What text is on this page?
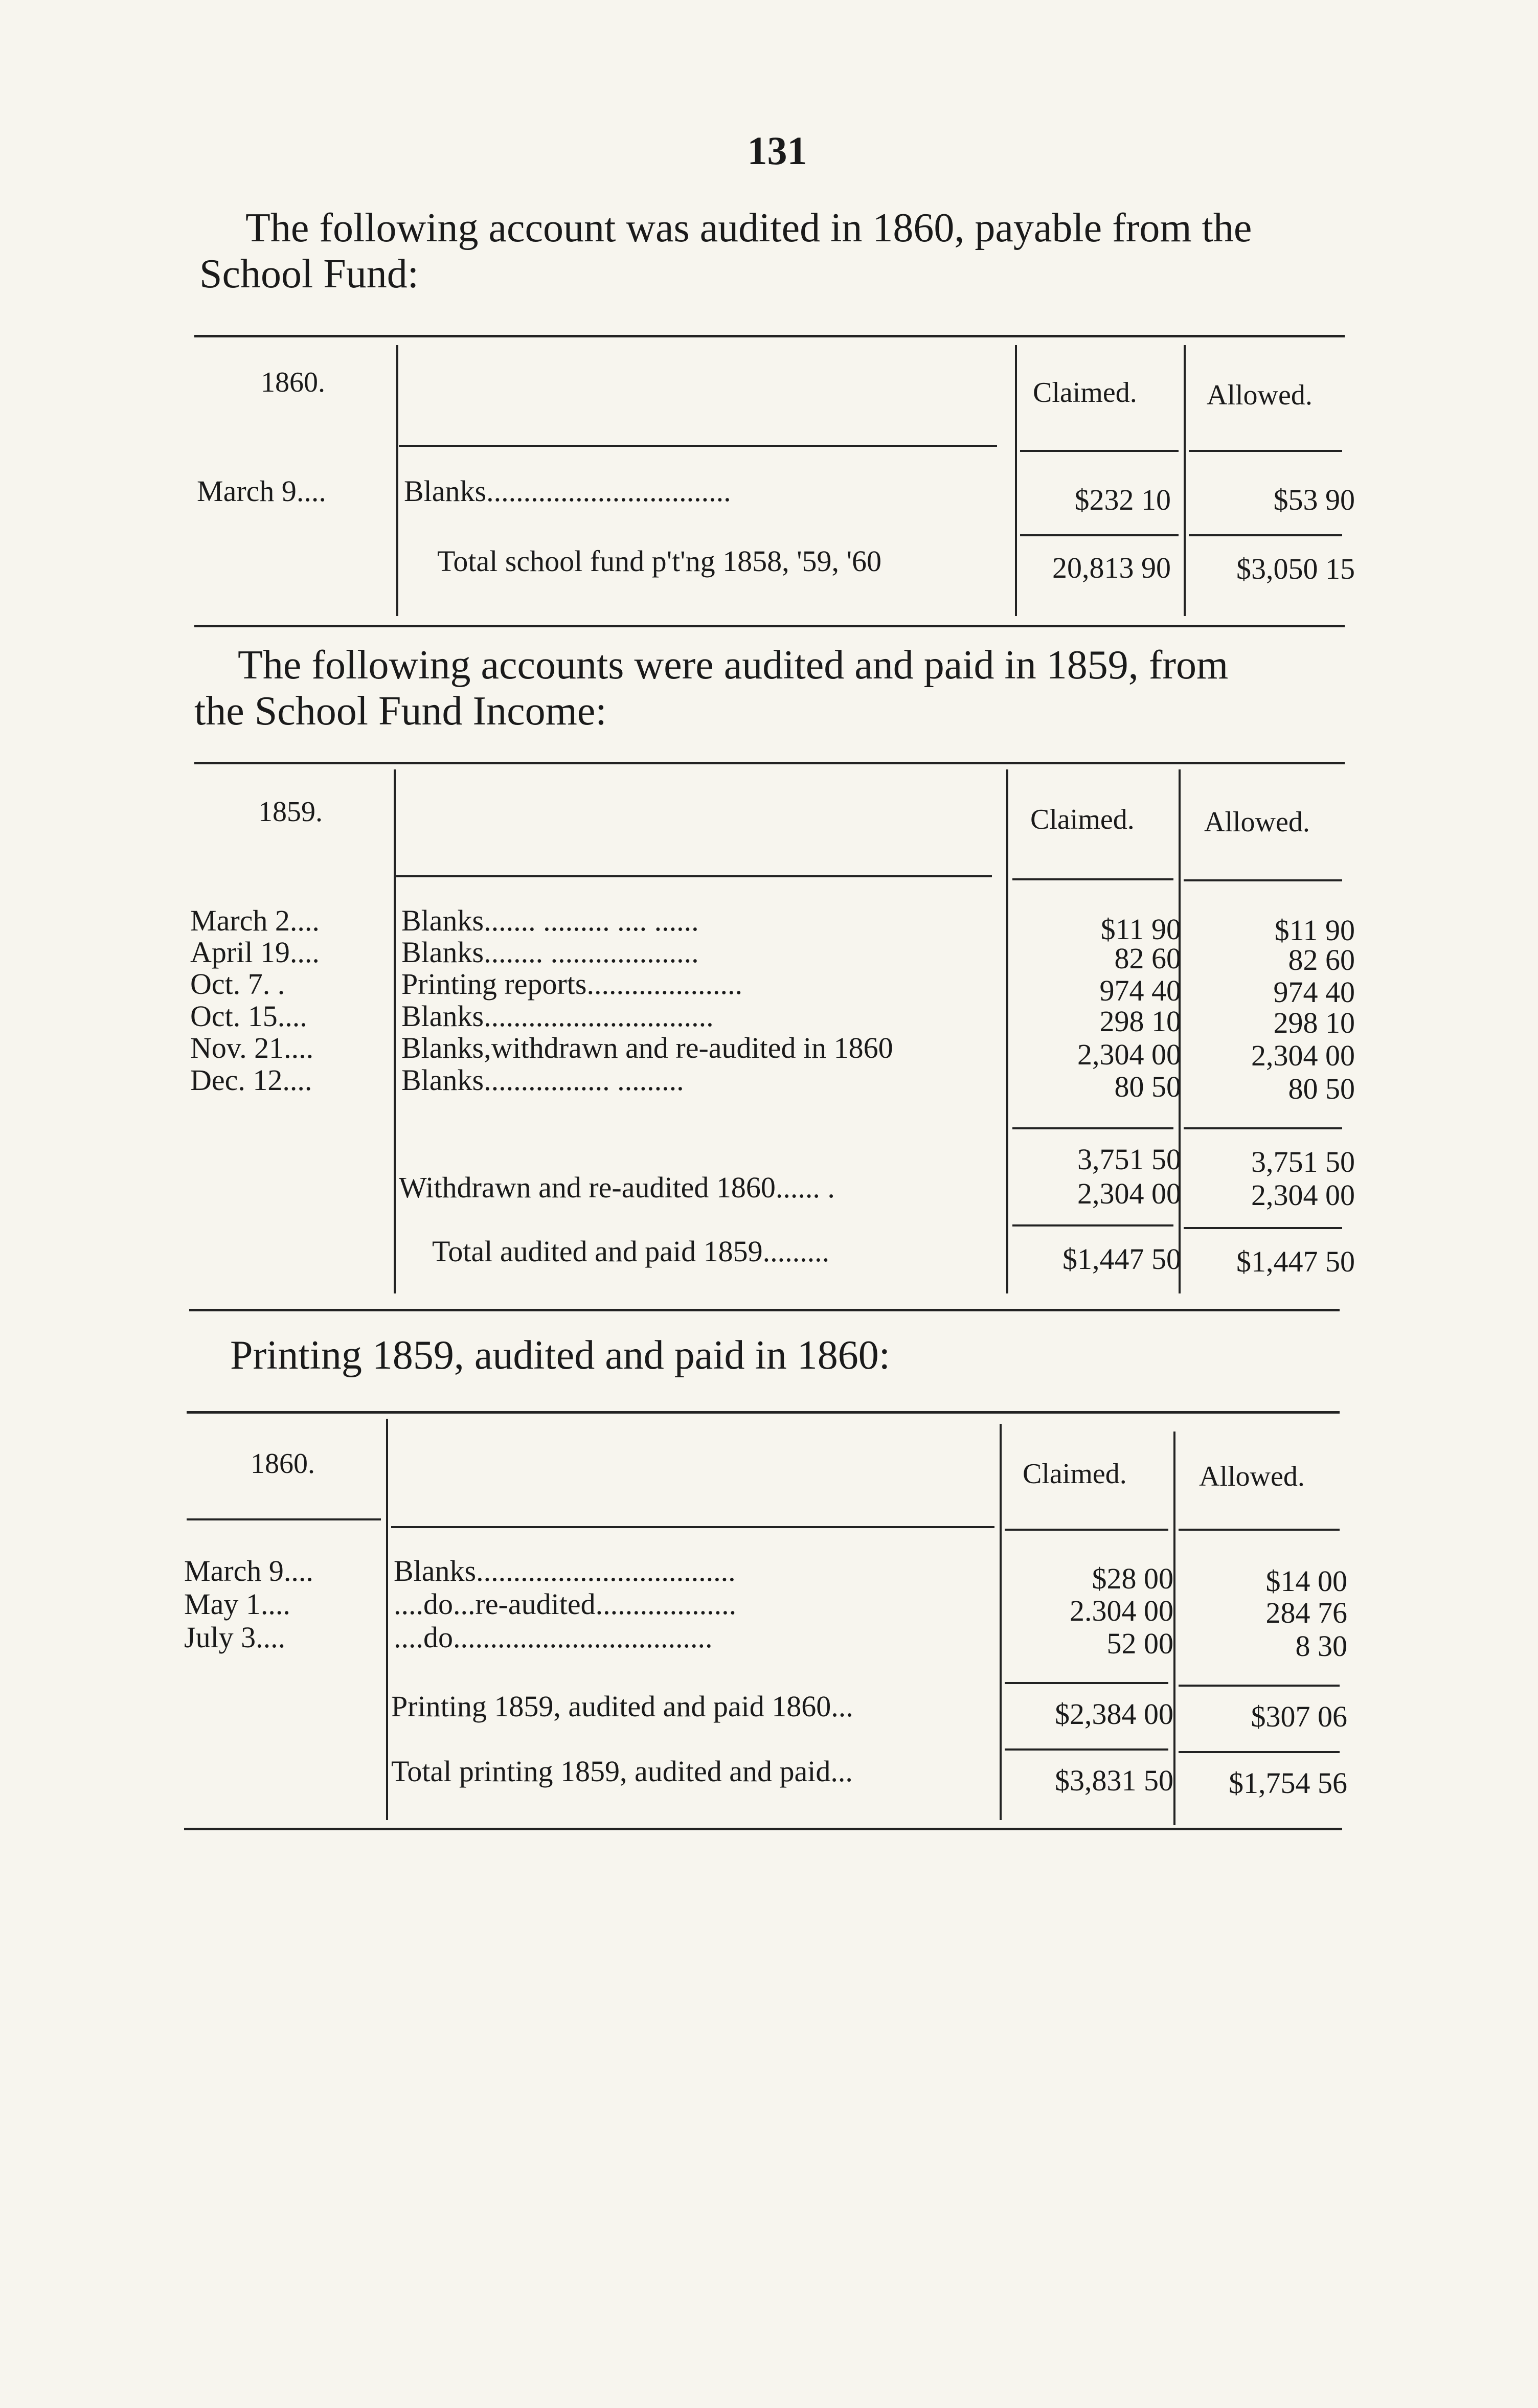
131
The following account was audited in 1860, payable from the
School Fund:
1860.	Claimed. Allowed.
March 9....	Blanks.................................	$232 10	$53 90
Total school fund p't'ng 1858, '59, '60	20,813 90	$3,050 15
The following accounts were audited and paid in 1859, from
the School Fund Income:
1859.	Claimed. Allowed.
March 2....	Blanks....... ......... .... ......	$11 90	$11 90
April 19....	Blanks........ ....................	82 60	82 60
Oct. 7. .	Printing reports.....................	974 40	974 40
Oct. 15....	Blanks...............................	298 10	298 10
Nov. 21....	Blanks,withdrawn and re-audited in 1860	2,304 00	2,304 00
Dec. 12....	Blanks................. .........	80 50	80 50
3,751 50	3,751 50
Withdrawn and re-audited 1860...... .	2,304 00	2,304 00
Total audited and paid 1859.........	$1,447 50	$1,447 50
Printing 1859, audited and paid in 1860:
1860.	Claimed.	Allowed.
March 9....	Blanks...................................	$28 00	$14 00
May 1....	....do...re-audited...................	2.304 00	284 76
July 3....	....do...................................	52 00	8 30
Printing 1859, audited and paid 1860...	$2,384 00	$307 06
Total printing 1859, audited and paid...	$3,831 50	$1,754 56
